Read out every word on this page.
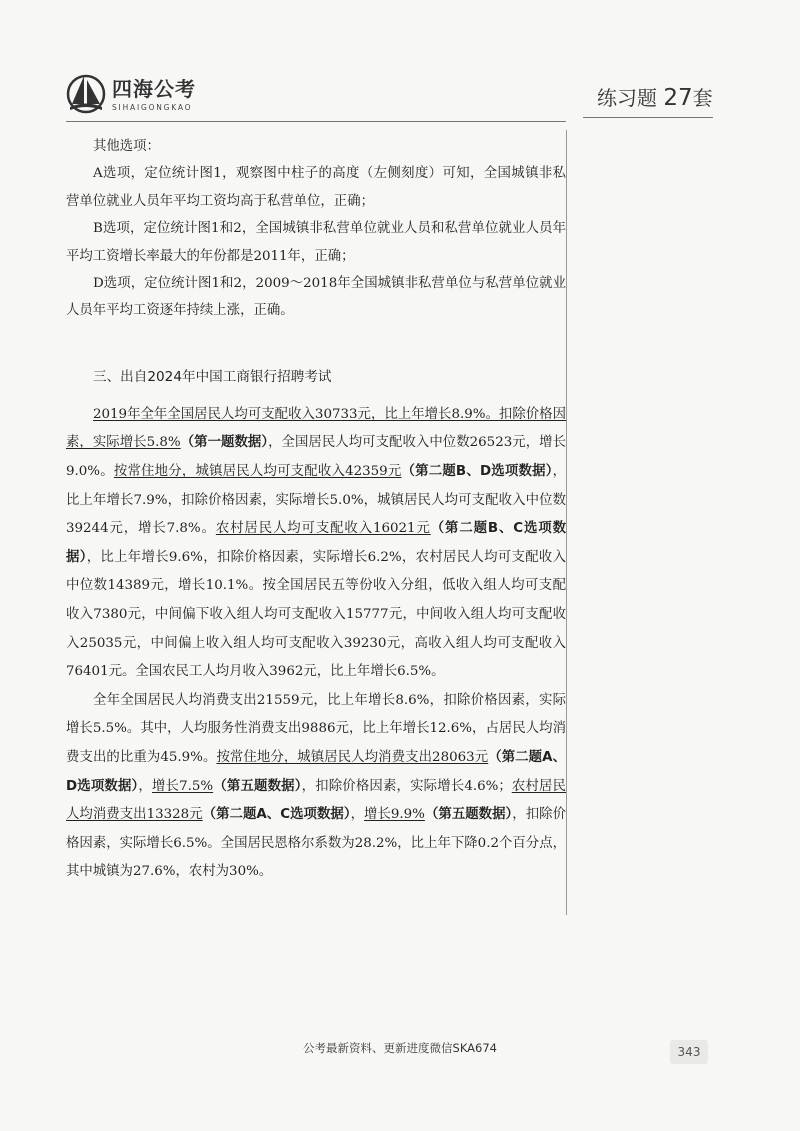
四海公考
SIHAIGONGKAO	练习题 27套

其他选项：

A选项，定位统计图1，观察图中柱子的高度（左侧刻度）可知，全国城镇非私营单位就业人员年平均工资均高于私营单位，正确；

B选项，定位统计图1和2，全国城镇非私营单位就业人员和私营单位就业人员年平均工资增长率最大的年份都是2011年，正确；

D选项，定位统计图1和2，2009～2018年全国城镇非私营单位与私营单位就业人员年平均工资逐年持续上涨，正确。

三、出自2024年中国工商银行招聘考试

2019年全年全国居民人均可支配收入30733元，比上年增长8.9%。扣除价格因素，实际增长5.8%（第一题数据），全国居民人均可支配收入中位数26523元，增长9.0%。按常住地分，城镇居民人均可支配收入42359元（第二题B、D选项数据），比上年增长7.9%，扣除价格因素，实际增长5.0%，城镇居民人均可支配收入中位数39244元，增长7.8%。农村居民人均可支配收入16021元（第二题B、C选项数据），比上年增长9.6%，扣除价格因素，实际增长6.2%，农村居民人均可支配收入中位数14389元，增长10.1%。按全国居民五等份收入分组，低收入组人均可支配收入7380元，中间偏下收入组人均可支配收入15777元，中间收入组人均可支配收入25035元，中间偏上收入组人均可支配收入39230元，高收入组人均可支配收入76401元。全国农民工人均月收入3962元，比上年增长6.5%。

全年全国居民人均消费支出21559元，比上年增长8.6%，扣除价格因素，实际增长5.5%。其中，人均服务性消费支出9886元，比上年增长12.6%，占居民人均消费支出的比重为45.9%。按常住地分，城镇居民人均消费支出28063元（第二题A、D选项数据），增长7.5%（第五题数据），扣除价格因素，实际增长4.6%；农村居民人均消费支出13328元（第二题A、C选项数据），增长9.9%（第五题数据），扣除价格因素，实际增长6.5%。全国居民恩格尔系数为28.2%，比上年下降0.2个百分点，其中城镇为27.6%，农村为30%。

公考最新资料、更新进度微信SKA674	343
